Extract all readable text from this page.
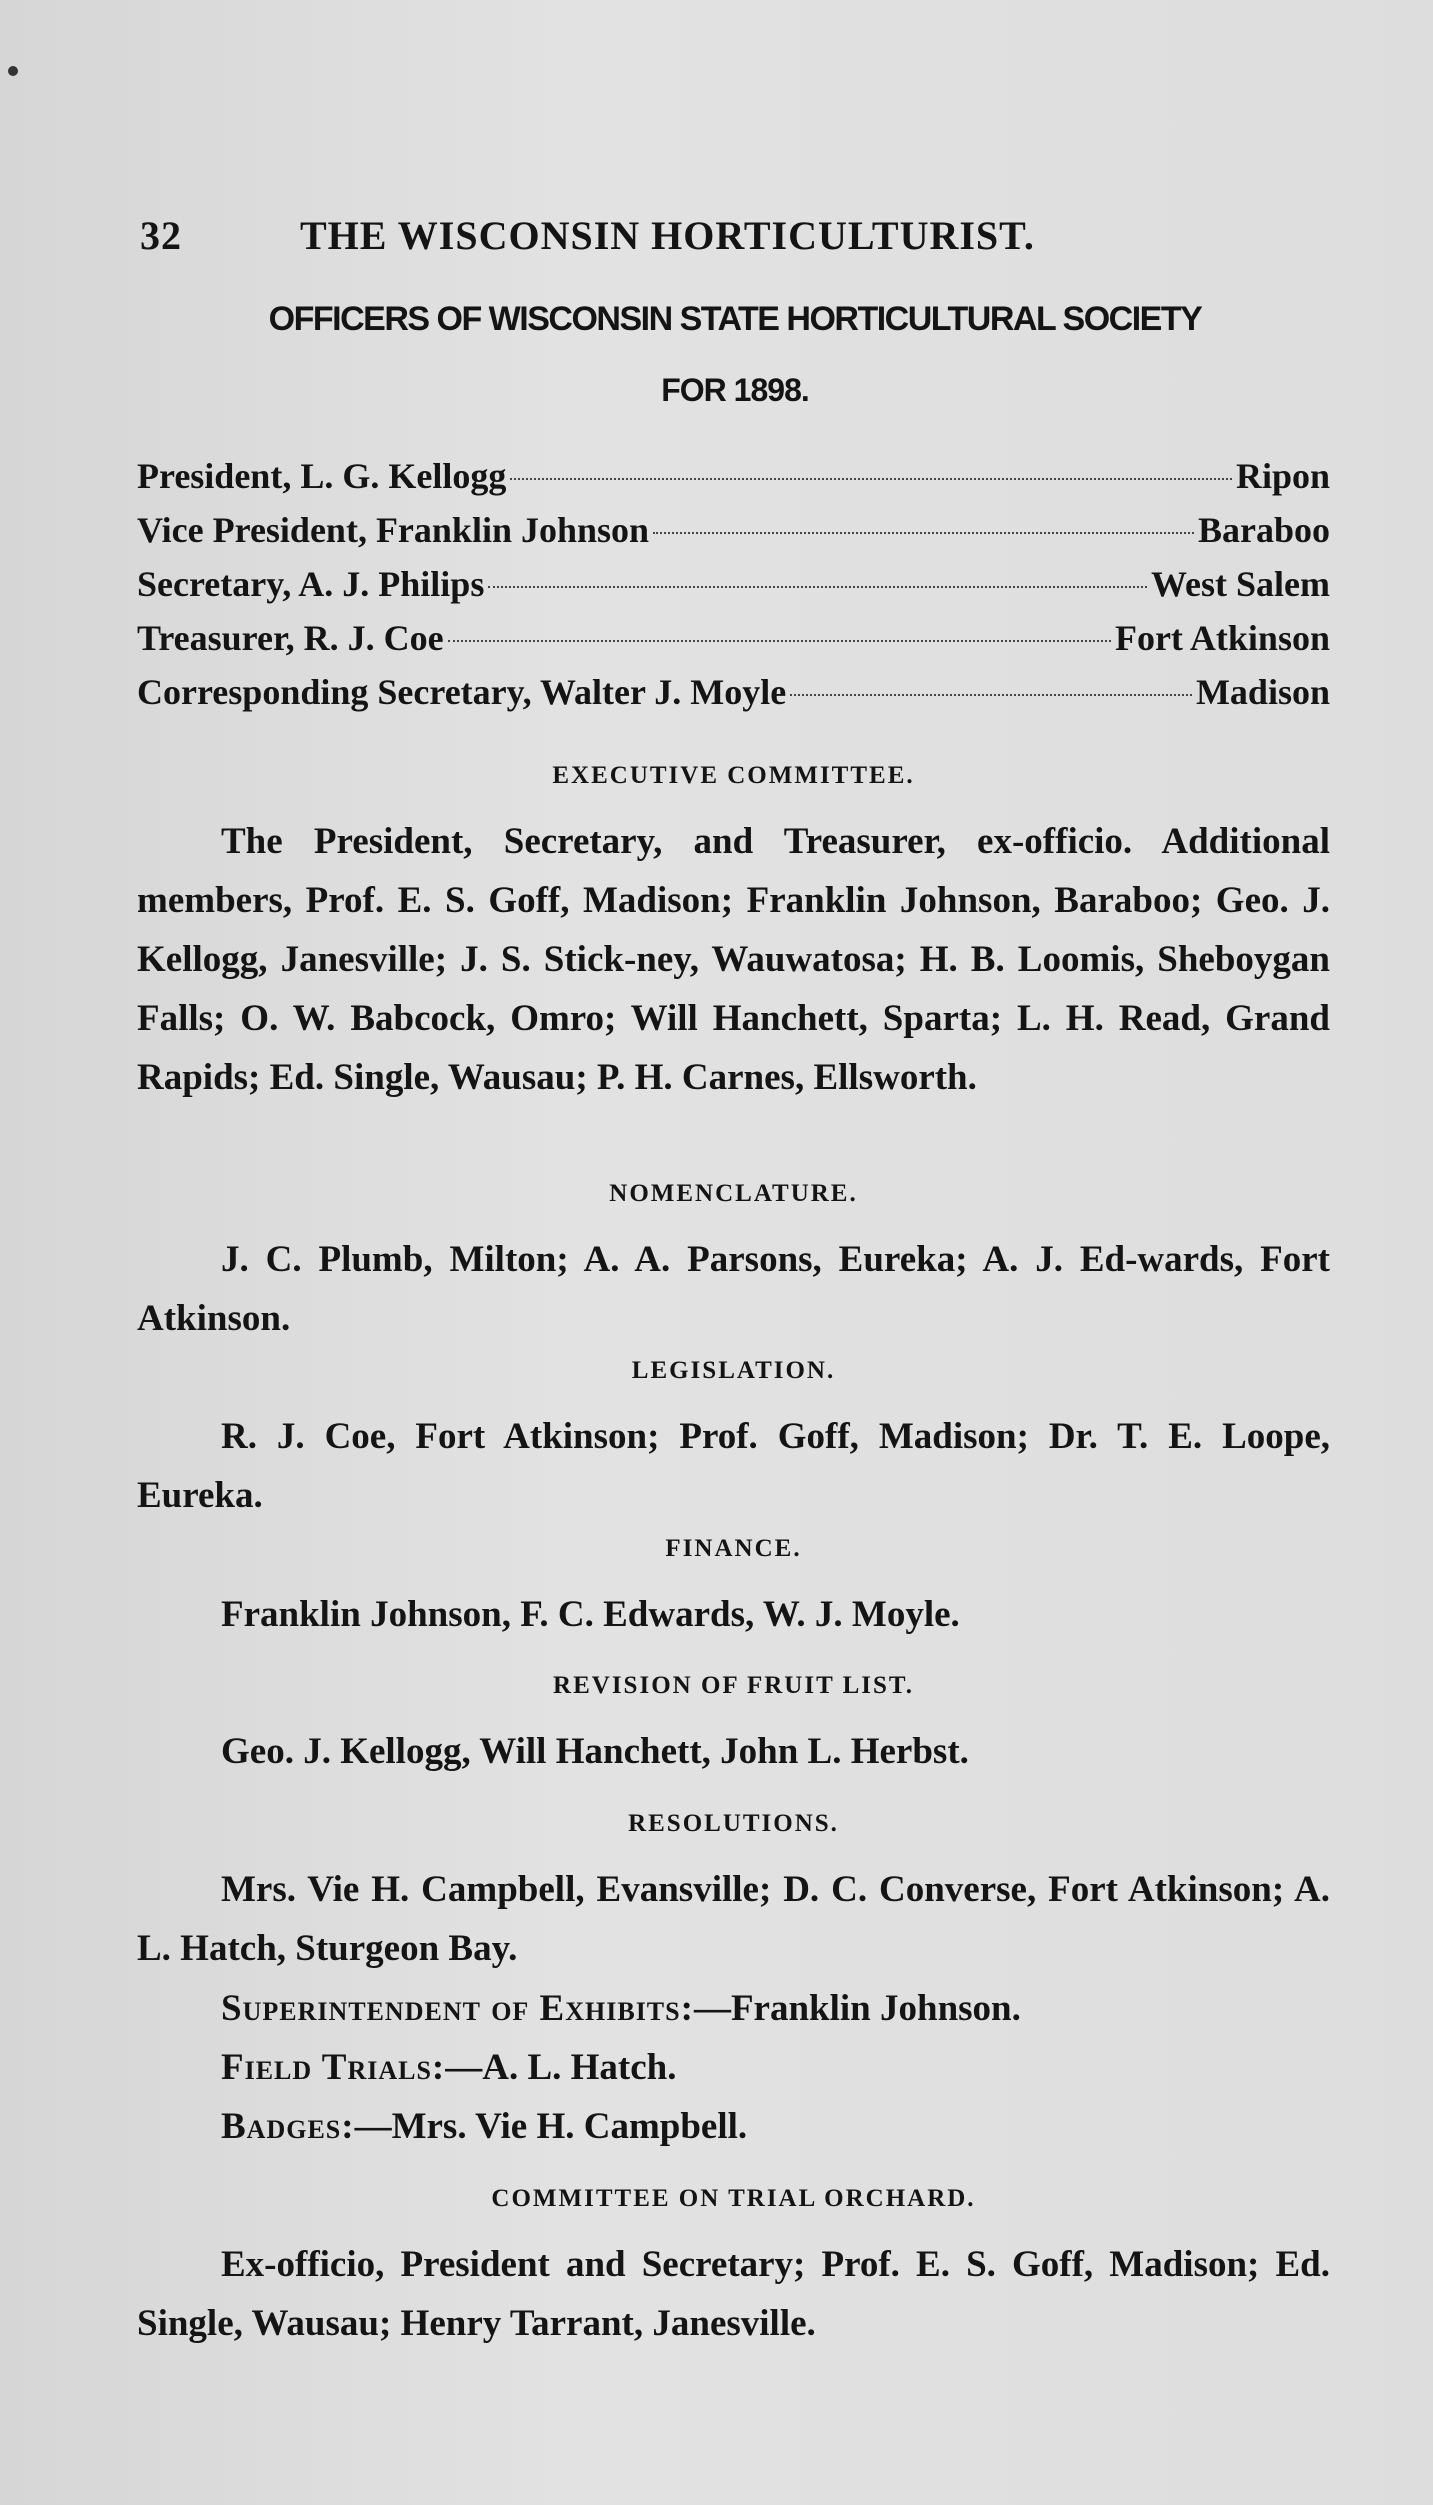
32	THE WISCONSIN HORTICULTURIST.
OFFICERS OF WISCONSIN STATE HORTICULTURAL SOCIETY
FOR 1898.
President, L. G. Kellogg	Ripon
Vice President, Franklin Johnson	Baraboo
Secretary, A. J. Philips	West Salem
Treasurer, R. J. Coe	Fort Atkinson
Corresponding Secretary, Walter J. Moyle	Madison
EXECUTIVE COMMITTEE.

The President, Secretary, and Treasurer, ex-officio. Additional members, Prof. E. S. Goff, Madison; Franklin Johnson, Baraboo; Geo. J. Kellogg, Janesville; J. S. Stick-ney, Wauwatosa; H. B. Loomis, Sheboygan Falls; O. W. Babcock, Omro; Will Hanchett, Sparta; L. H. Read, Grand Rapids; Ed. Single, Wausau; P. H. Carnes, Ellsworth.

NOMENCLATURE.

J. C. Plumb, Milton; A. A. Parsons, Eureka; A. J. Ed-wards, Fort Atkinson.

LEGISLATION.

R. J. Coe, Fort Atkinson; Prof. Goff, Madison; Dr. T. E. Loope, Eureka.

FINANCE.

Franklin Johnson, F. C. Edwards, W. J. Moyle.

REVISION OF FRUIT LIST.

Geo. J. Kellogg, Will Hanchett, John L. Herbst.

RESOLUTIONS.

Mrs. Vie H. Campbell, Evansville; D. C. Converse, Fort Atkinson; A. L. Hatch, Sturgeon Bay.

Superintendent of Exhibits:—Franklin Johnson.
Field Trials:—A. L. Hatch.
Badges:—Mrs. Vie H. Campbell.
COMMITTEE ON TRIAL ORCHARD.

Ex-officio, President and Secretary; Prof. E. S. Goff, Madison; Ed. Single, Wausau; Henry Tarrant, Janesville.
